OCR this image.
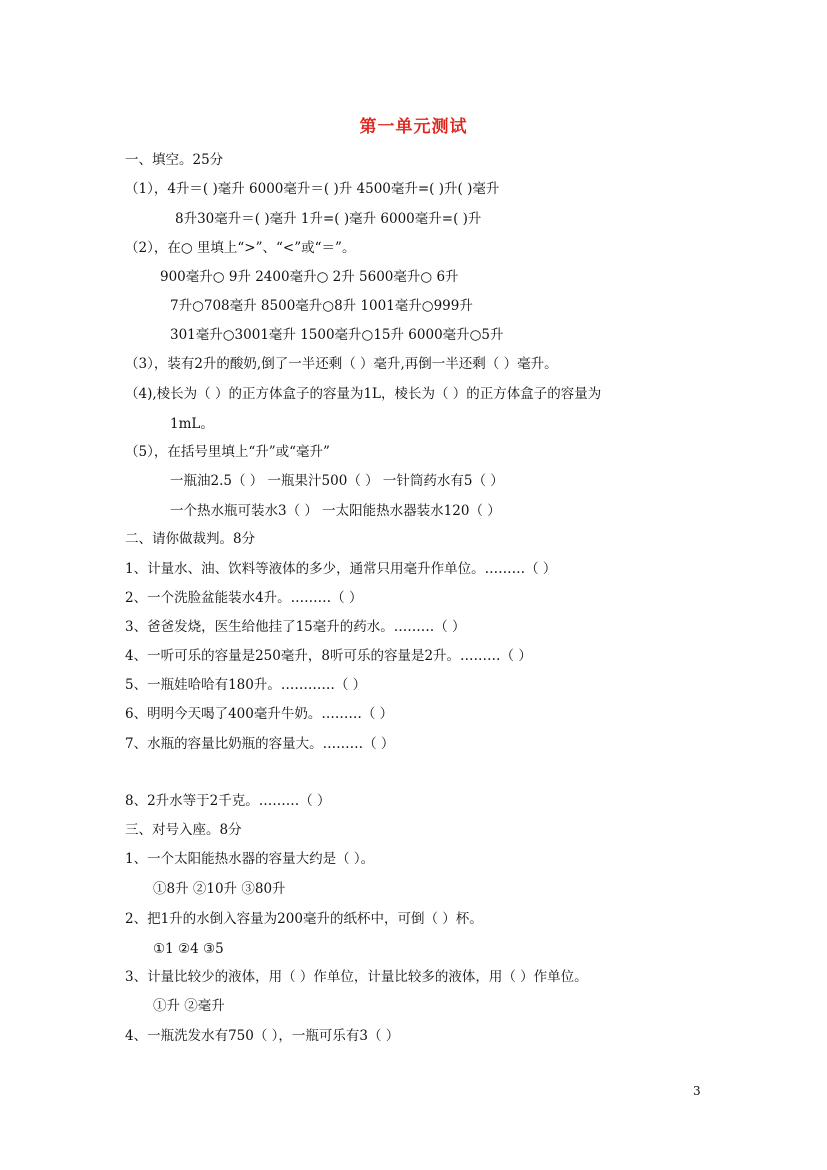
第一单元测试
一、填空。25分
（1），4升＝( )毫升 6000毫升＝( )升 4500毫升=( )升( )毫升
8升30毫升＝( )毫升 1升=( )毫升 6000毫升=( )升
（2），在○ 里填上“>”、“<”或“＝”。
900毫升○ 9升 2400毫升○ 2升 5600毫升○ 6升
7升○708毫升 8500毫升○8升 1001毫升○999升
301毫升○3001毫升 1500毫升○15升 6000毫升○5升
（3），装有2升的酸奶,倒了一半还剩（ ）毫升,再倒一半还剩（ ）毫升。
（4),棱长为（ ）的正方体盒子的容量为1L，棱长为（ ）的正方体盒子的容量为
1mL。
（5），在括号里填上“升”或“毫升”
一瓶油2.5（ ） 一瓶果汁500（ ） 一针筒药水有5（ ）
一个热水瓶可装水3（ ） 一太阳能热水器装水120（ ）
二、请你做裁判。8分
1、计量水、油、饮料等液体的多少，通常只用毫升作单位。………（ ）
2、一个洗脸盆能装水4升。………（ ）
3、爸爸发烧，医生给他挂了15毫升的药水。………（ ）
4、一听可乐的容量是250毫升，8听可乐的容量是2升。………（ ）
5、一瓶娃哈哈有180升。…………（ ）
6、明明今天喝了400毫升牛奶。………（ ）
7、水瓶的容量比奶瓶的容量大。………（ ）
8、2升水等于2千克。………（ ）
三、对号入座。8分
1、一个太阳能热水器的容量大约是（ ）。
①8升 ②10升 ③80升
2、把1升的水倒入容量为200毫升的纸杯中，可倒（ ）杯。
①1 ②4 ③5
3、计量比较少的液体，用（ ）作单位，计量比较多的液体，用（ ）作单位。
①升 ②毫升
4、一瓶洗发水有750（ ），一瓶可乐有3（ ）
3
